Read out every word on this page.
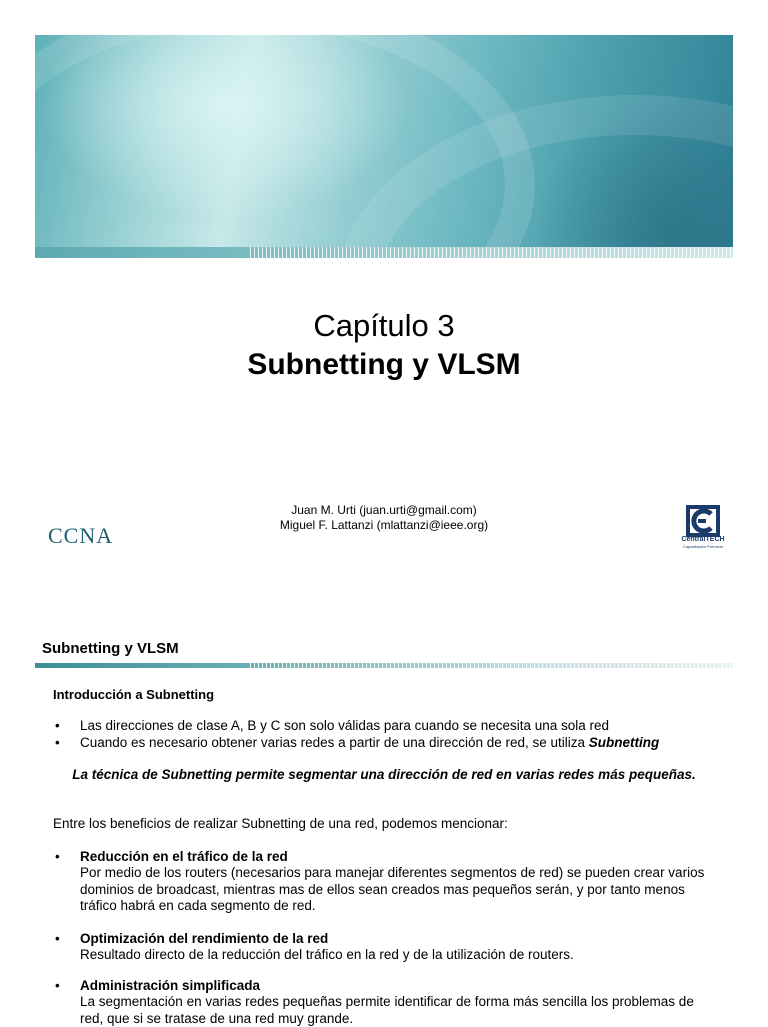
Capítulo 3
Subnetting y VLSM
Juan M. Urti (juan.urti@gmail.com)
Miguel F. Lattanzi (mlattanzi@ieee.org)
CCNA	CentralTECH
Capacitación Premium
Subnetting y VLSM
Introducción a Subnetting
• Las direcciones de clase A, B y C son solo válidas para cuando se necesita una sola red
• Cuando es necesario obtener varias redes a partir de una dirección de red, se utiliza Subnetting
La técnica de Subnetting permite segmentar una dirección de red en varias redes más pequeñas.
Entre los beneficios de realizar Subnetting de una red, podemos mencionar:
• Reducción en el tráfico de la red
Por medio de los routers (necesarios para manejar diferentes segmentos de red) se pueden crear varios
dominios de broadcast, mientras mas de ellos sean creados mas pequeños serán, y por tanto menos
tráfico habrá en cada segmento de red.
• Optimización del rendimiento de la red
Resultado directo de la reducción del tráfico en la red y de la utilización de routers.
• Administración simplificada
La segmentación en varias redes pequeñas permite identificar de forma más sencilla los problemas de
red, que si se tratase de una red muy grande.
